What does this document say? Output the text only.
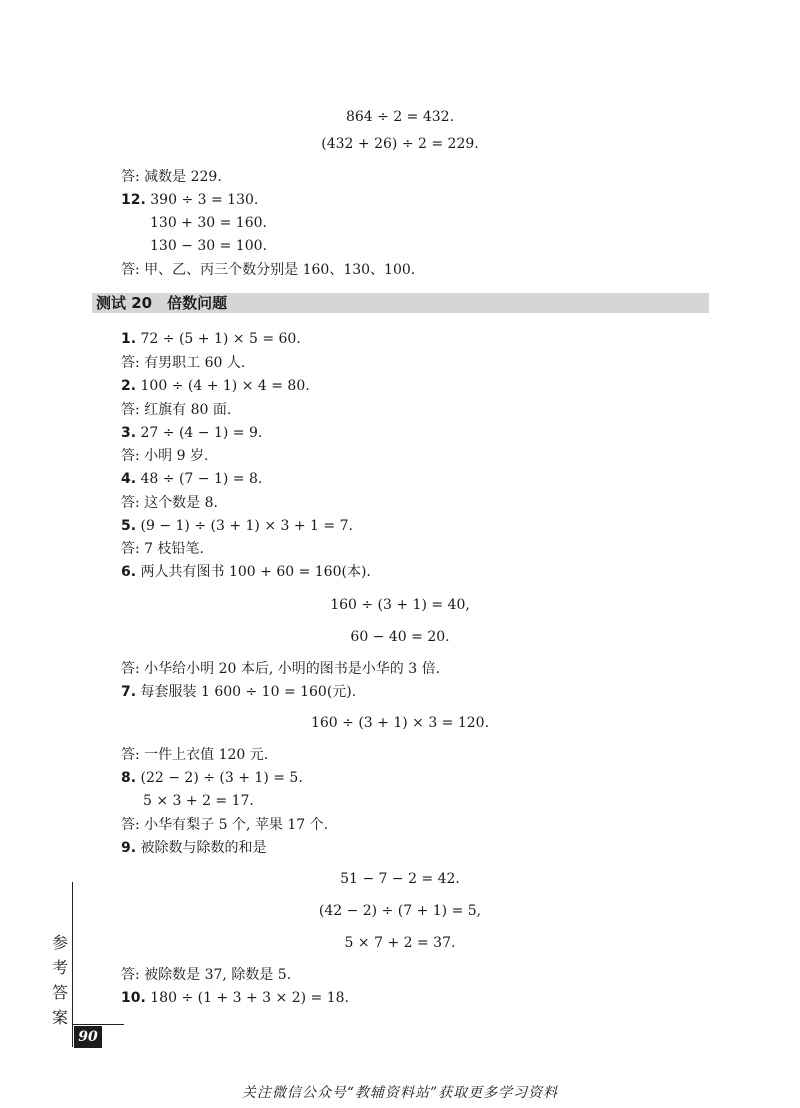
864 ÷ 2 = 432.
(432 + 26) ÷ 2 = 229.
答: 减数是 229.
12. 390 ÷ 3 = 130.
130 + 30 = 160.
130 − 30 = 100.
答: 甲、乙、丙三个数分别是 160、130、100.
测试 20　倍数问题
1. 72 ÷ (5 + 1) × 5 = 60.
答: 有男职工 60 人.
2. 100 ÷ (4 + 1) × 4 = 80.
答: 红旗有 80 面.
3. 27 ÷ (4 − 1) = 9.
答: 小明 9 岁.
4. 48 ÷ (7 − 1) = 8.
答: 这个数是 8.
5. (9 − 1) ÷ (3 + 1) × 3 + 1 = 7.
答: 7 枝铅笔.
6. 两人共有图书 100 + 60 = 160(本).
160 ÷ (3 + 1) = 40,
60 − 40 = 20.
答: 小华给小明 20 本后, 小明的图书是小华的 3 倍.
7. 每套服装 1 600 ÷ 10 = 160(元).
160 ÷ (3 + 1) × 3 = 120.
答: 一件上衣值 120 元.
8. (22 − 2) ÷ (3 + 1) = 5.
5 × 3 + 2 = 17.
答: 小华有梨子 5 个, 苹果 17 个.
9. 被除数与除数的和是
51 − 7 − 2 = 42.
(42 − 2) ÷ (7 + 1) = 5,
5 × 7 + 2 = 37.
答: 被除数是 37, 除数是 5.
10. 180 ÷ (1 + 3 + 3 × 2) = 18.
参考答案
90
关注微信公众号“教辅资料站”获取更多学习资料
